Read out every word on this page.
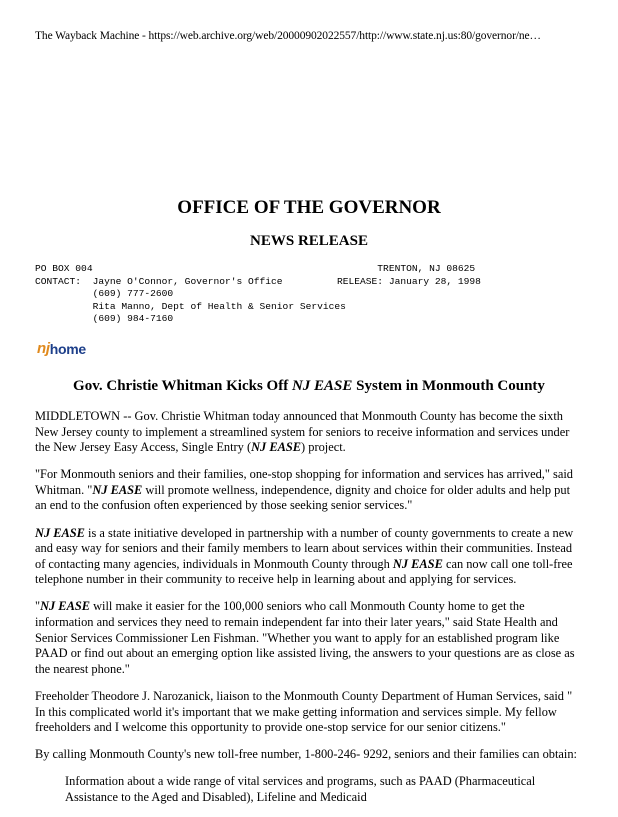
The Wayback Machine - https://web.archive.org/web/20000902022557/http://www.state.nj.us:80/governor/ne…
OFFICE OF THE GOVERNOR
NEWS RELEASE
PO BOX 004
CONTACT:  Jayne O'Connor, Governor's Office
(609) 777-2600
Rita Manno, Dept of Health & Senior Services
(609) 984-7160
TRENTON, NJ 08625
RELEASE: January 28, 1998
nj home
Gov. Christie Whitman Kicks Off NJ EASE System in Monmouth County

MIDDLETOWN -- Gov. Christie Whitman today announced that Monmouth County has become the sixth New Jersey county to implement a streamlined system for seniors to receive information and services under the New Jersey Easy Access, Single Entry (NJ EASE) project.

"For Monmouth seniors and their families, one-stop shopping for information and services has arrived," said Whitman. "NJ EASE will promote wellness, independence, dignity and choice for older adults and help put an end to the confusion often experienced by those seeking senior services."

NJ EASE is a state initiative developed in partnership with a number of county governments to create a new and easy way for seniors and their family members to learn about services within their communities. Instead of contacting many agencies, individuals in Monmouth County through NJ EASE can now call one toll-free telephone number in their community to receive help in learning about and applying for services.

"NJ EASE will make it easier for the 100,000 seniors who call Monmouth County home to get the information and services they need to remain independent far into their later years," said State Health and Senior Services Commissioner Len Fishman. "Whether you want to apply for an established program like PAAD or find out about an emerging option like assisted living, the answers to your questions are as close as the nearest phone."

Freeholder Theodore J. Narozanick, liaison to the Monmouth County Department of Human Services, said " In this complicated world it's important that we make getting information and services simple. My fellow freeholders and I welcome this opportunity to provide one-stop service for our senior citizens."

By calling Monmouth County's new toll-free number, 1-800-246- 9292, seniors and their families can obtain:

Information about a wide range of vital services and programs, such as PAAD (Pharmaceutical Assistance to the Aged and Disabled), Lifeline and Medicaid
